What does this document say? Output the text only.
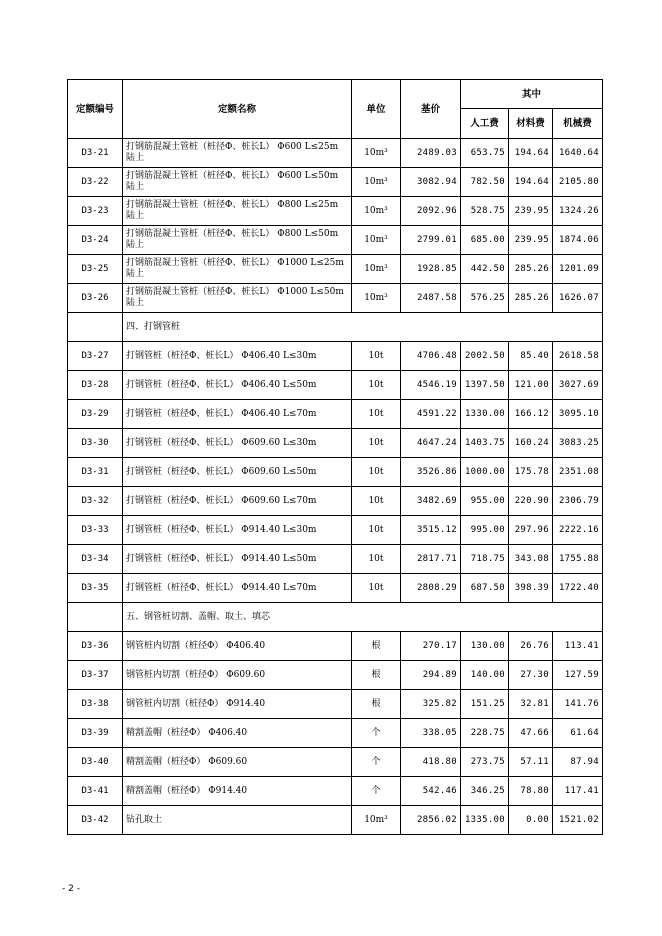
定额编号	定额名称	单位	基价	其中		
				人工费	材料费	机械费
D3-21	打钢筋混凝土管桩（桩径Φ、桩长L） Φ600 L≤25m 陆上	10m³	2489.03	653.75	194.64	1640.64
D3-22	打钢筋混凝土管桩（桩径Φ、桩长L） Φ600 L≤50m 陆上	10m³	3082.94	782.50	194.64	2105.80
D3-23	打钢筋混凝土管桩（桩径Φ、桩长L） Φ800 L≤25m 陆上	10m³	2092.96	528.75	239.95	1324.26
D3-24	打钢筋混凝土管桩（桩径Φ、桩长L） Φ800 L≤50m 陆上	10m³	2799.01	685.00	239.95	1874.06
D3-25	打钢筋混凝土管桩（桩径Φ、桩长L） Φ1000 L≤25m 陆上	10m³	1928.85	442.50	285.26	1201.09
D3-26	打钢筋混凝土管桩（桩径Φ、桩长L） Φ1000 L≤50m 陆上	10m³	2487.58	576.25	285.26	1626.07
	四、打钢管桩					
D3-27	打钢管桩（桩径Φ、桩长L） Φ406.40 L≤30m	10t	4706.48	2002.50	85.40	2618.58
D3-28	打钢管桩（桩径Φ、桩长L） Φ406.40 L≤50m	10t	4546.19	1397.50	121.00	3027.69
D3-29	打钢管桩（桩径Φ、桩长L） Φ406.40 L≤70m	10t	4591.22	1330.00	166.12	3095.10
D3-30	打钢管桩（桩径Φ、桩长L） Φ609.60 L≤30m	10t	4647.24	1403.75	160.24	3083.25
D3-31	打钢管桩（桩径Φ、桩长L） Φ609.60 L≤50m	10t	3526.86	1000.00	175.78	2351.08
D3-32	打钢管桩（桩径Φ、桩长L） Φ609.60 L≤70m	10t	3482.69	955.00	220.90	2306.79
D3-33	打钢管桩（桩径Φ、桩长L） Φ914.40 L≤30m	10t	3515.12	995.00	297.96	2222.16
D3-34	打钢管桩（桩径Φ、桩长L） Φ914.40 L≤50m	10t	2817.71	718.75	343.08	1755.88
D3-35	打钢管桩（桩径Φ、桩长L） Φ914.40 L≤70m	10t	2808.29	687.50	398.39	1722.40
	五、钢管桩切割、盖帽、取土、填芯					
D3-36	钢管桩内切割（桩径Φ） Φ406.40	根	270.17	130.00	26.76	113.41
D3-37	钢管桩内切割（桩径Φ） Φ609.60	根	294.89	140.00	27.30	127.59
D3-38	钢管桩内切割（桩径Φ） Φ914.40	根	325.82	151.25	32.81	141.76
D3-39	精割盖帽（桩径Φ） Φ406.40	个	338.05	228.75	47.66	61.64
D3-40	精割盖帽（桩径Φ） Φ609.60	个	418.80	273.75	57.11	87.94
D3-41	精割盖帽（桩径Φ） Φ914.40	个	542.46	346.25	78.80	117.41
D3-42	钻孔取土	10m³	2856.02	1335.00	0.00	1521.02
- 2 -
